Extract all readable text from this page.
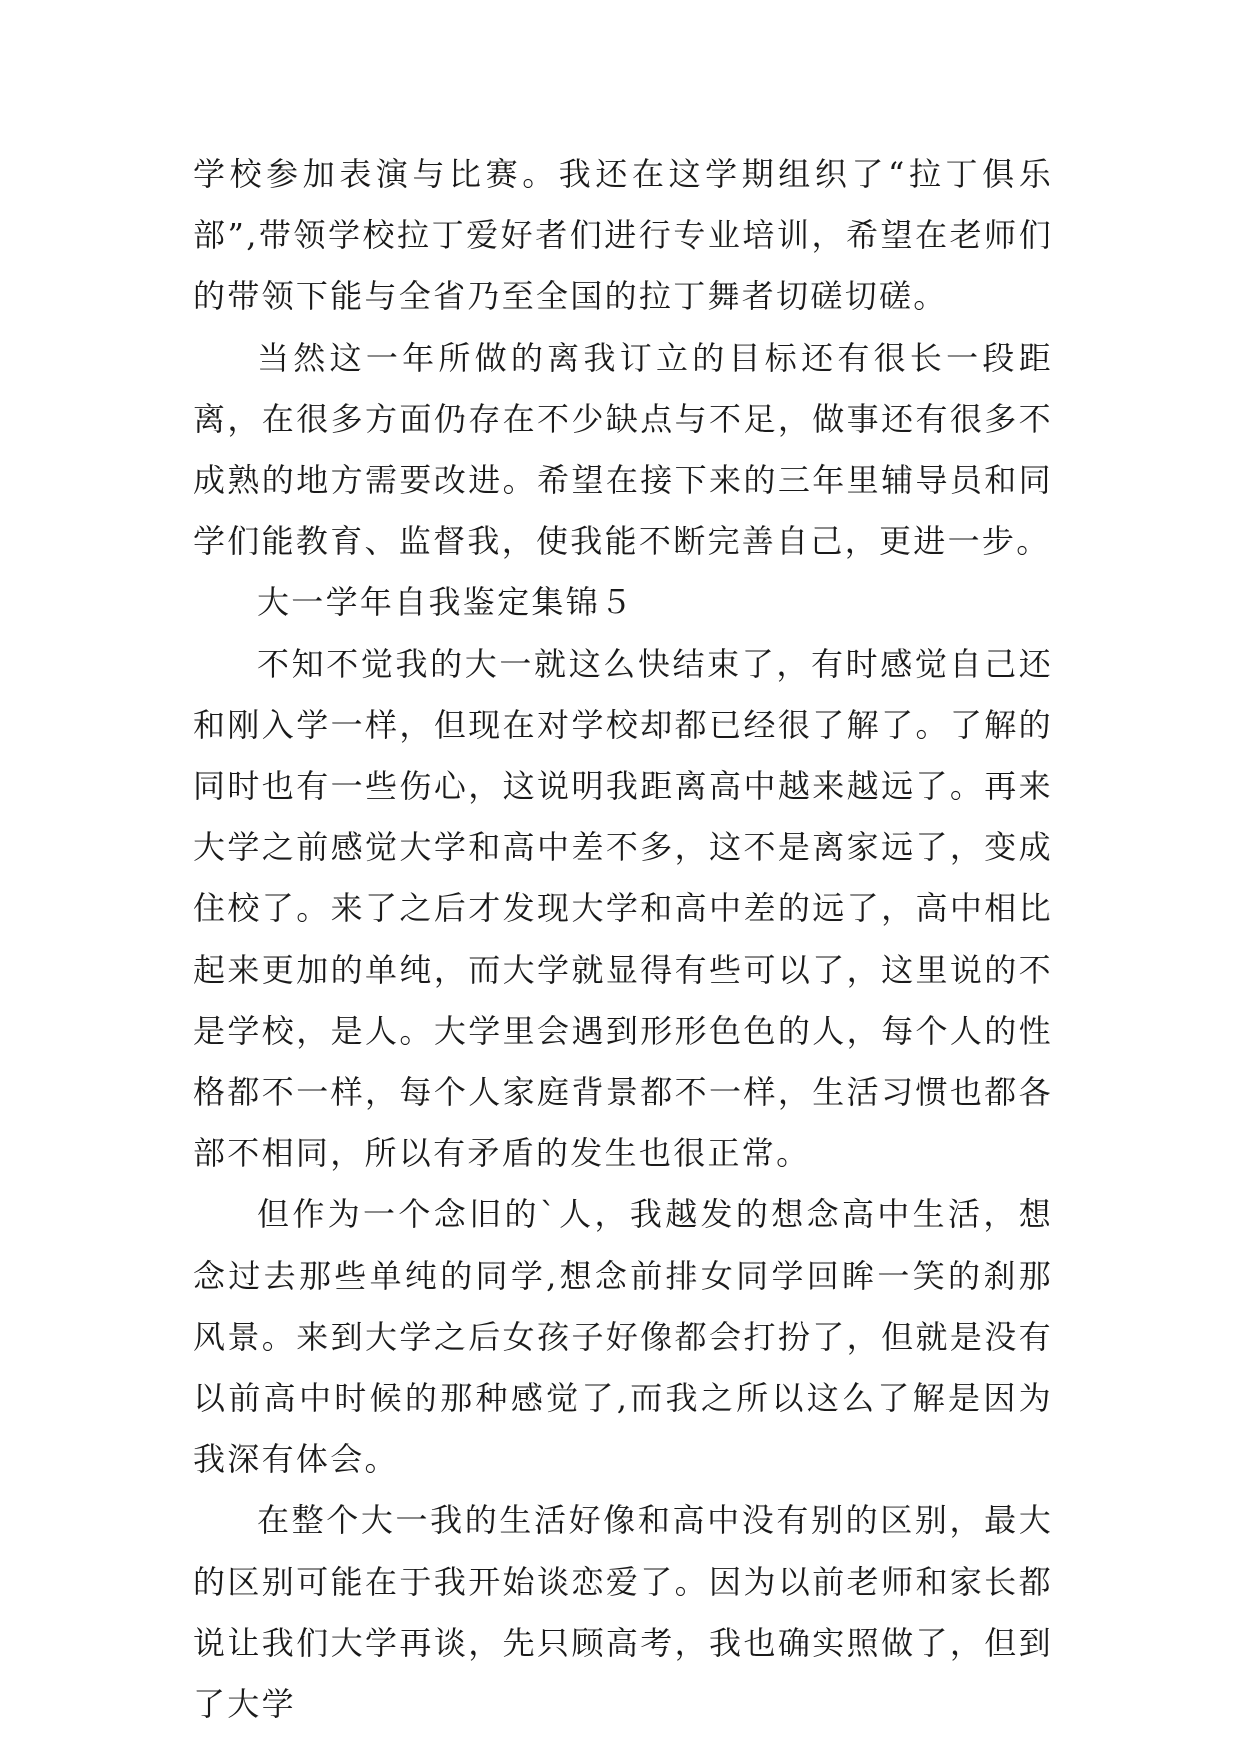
学校参加表演与比赛。我还在这学期组织了“拉丁俱乐部”,带领学校拉丁爱好者们进行专业培训，希望在老师们的带领下能与全省乃至全国的拉丁舞者切磋切磋。

当然这一年所做的离我订立的目标还有很长一段距离，在很多方面仍存在不少缺点与不足，做事还有很多不成熟的地方需要改进。希望在接下来的三年里辅导员和同学们能教育、监督我，使我能不断完善自己，更进一步。

大一学年自我鉴定集锦５

不知不觉我的大一就这么快结束了，有时感觉自己还和刚入学一样，但现在对学校却都已经很了解了。了解的同时也有一些伤心，这说明我距离高中越来越远了。再来大学之前感觉大学和高中差不多，这不是离家远了，变成住校了。来了之后才发现大学和高中差的远了，高中相比起来更加的单纯，而大学就显得有些可以了，这里说的不是学校，是人。大学里会遇到形形色色的人，每个人的性格都不一样，每个人家庭背景都不一样，生活习惯也都各部不相同，所以有矛盾的发生也很正常。

但作为一个念旧的`人，我越发的想念高中生活，想念过去那些单纯的同学,想念前排女同学回眸一笑的刹那风景。来到大学之后女孩子好像都会打扮了，但就是没有以前高中时候的那种感觉了,而我之所以这么了解是因为我深有体会。

在整个大一我的生活好像和高中没有别的区别，最大的区别可能在于我开始谈恋爱了。因为以前老师和家长都说让我们大学再谈，先只顾高考，我也确实照做了，但到了大学
